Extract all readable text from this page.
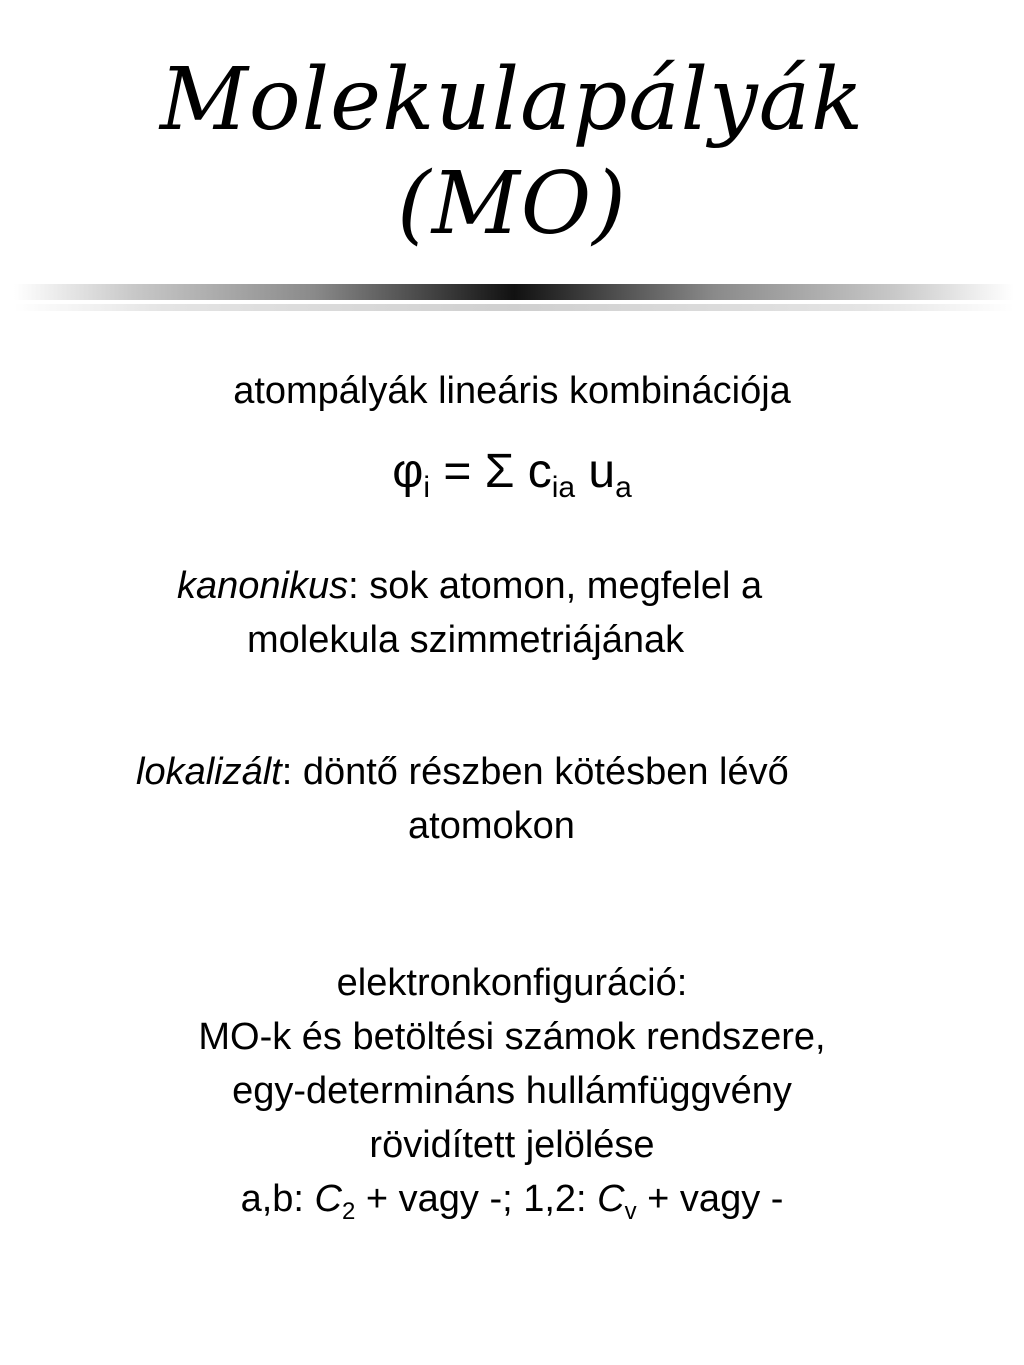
Molekulapályák
(MO)
atompályák lineáris kombinációja
$\varphi_i = \Sigma$ $c_{ia}$ $u_a$
kanonikus: sok atomon, megfelel a
molekula szimmetriájának
lokalizált: döntő részben kötésben lévő
atomokon
elektronkonfiguráció:
MO-k és betöltési számok rendszere,
egy-determináns hullámfüggvény
rövidített jelölése
a,b: $C_2$ + vagy -; 1,2: $C_v$ + vagy -
